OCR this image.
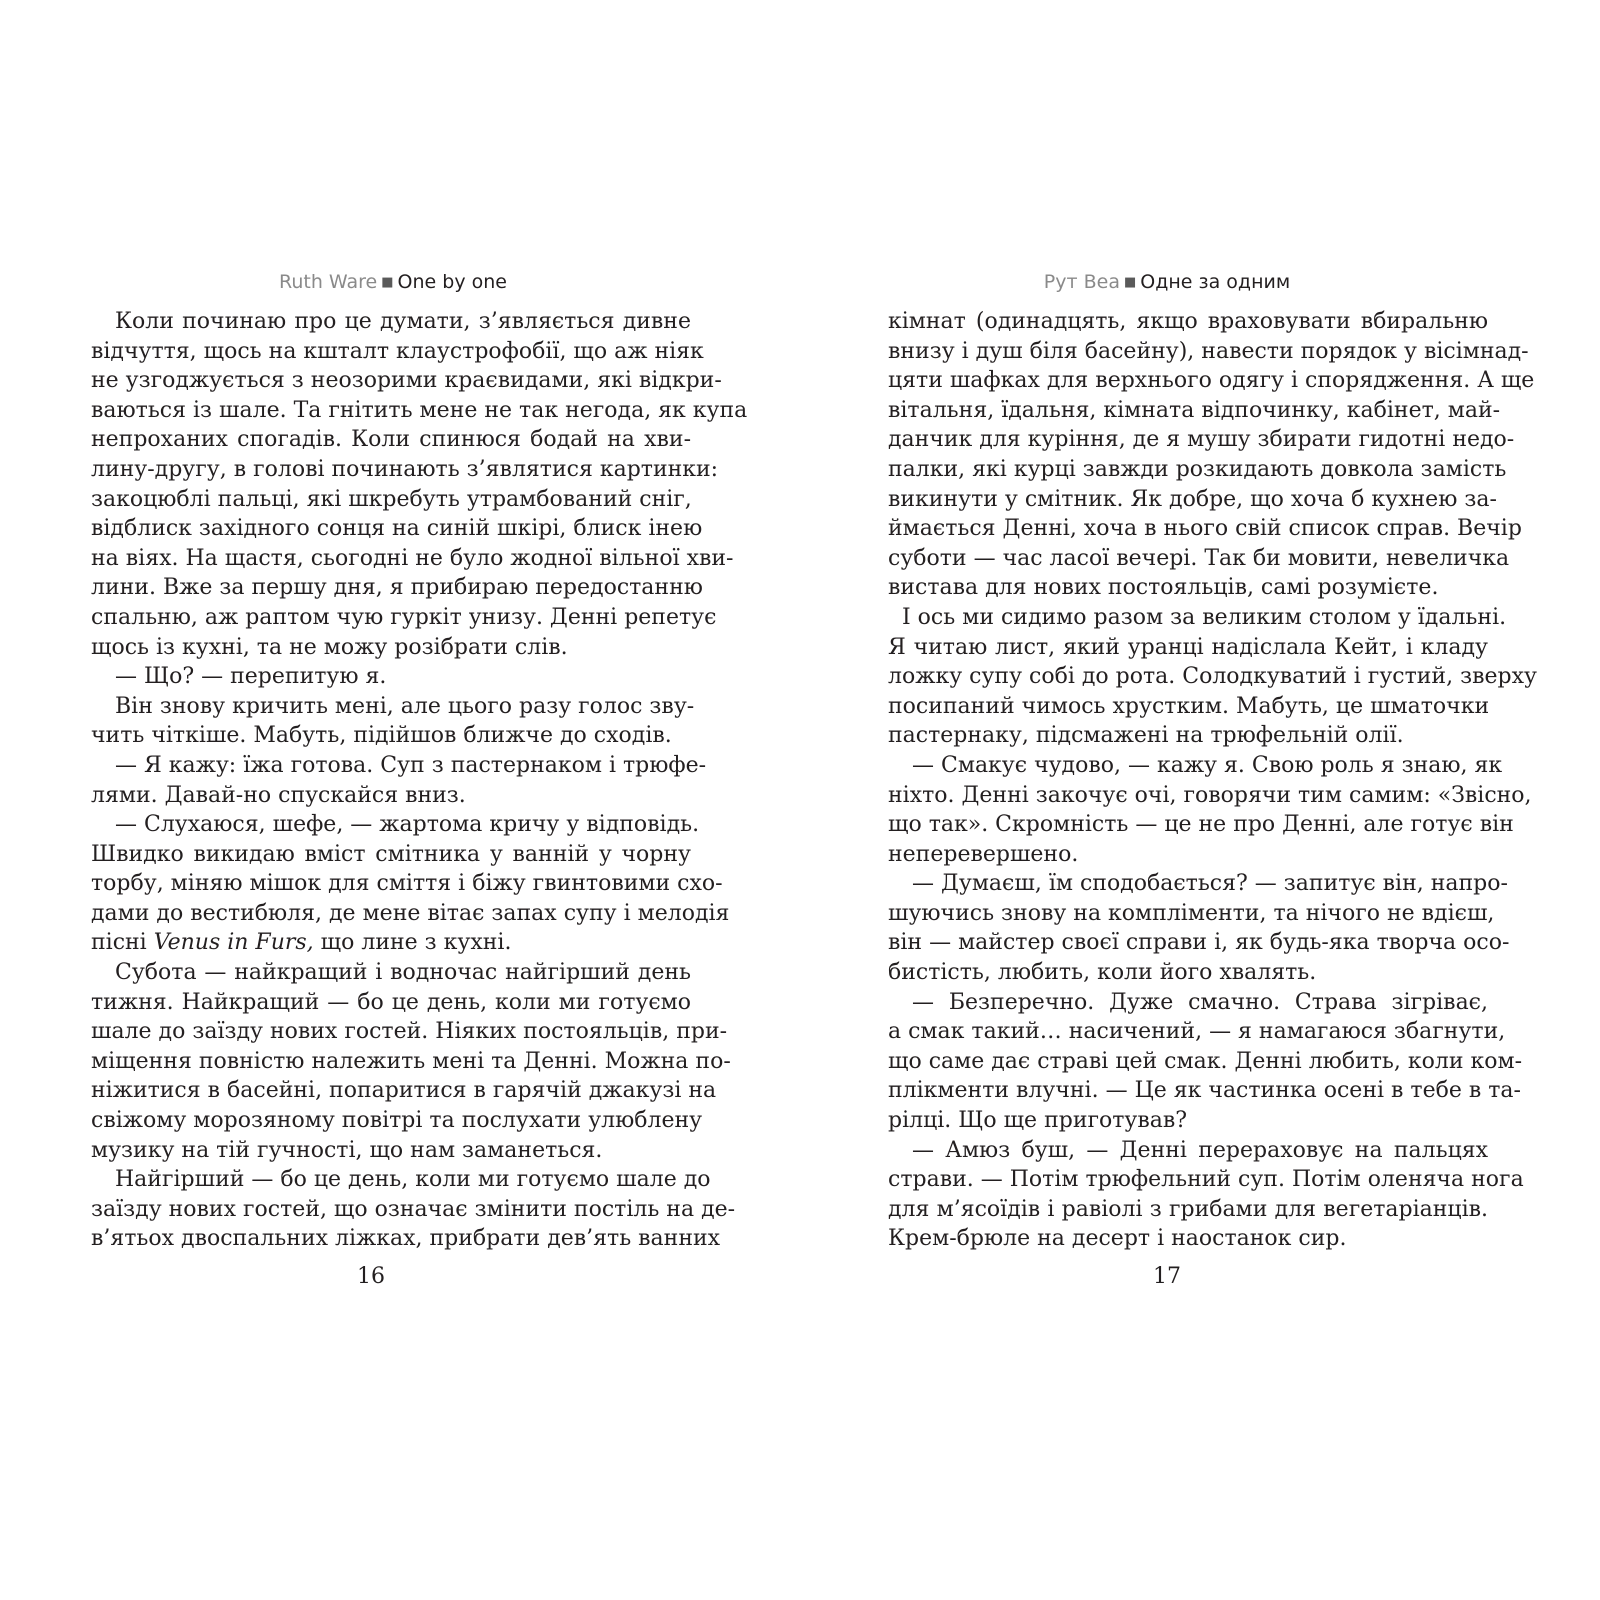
Ruth Ware ■ One by one
Коли починаю про це думати, з’являється дивне
відчуття, щось на кшталт клаустрофобії, що аж ніяк
не узгоджується з неозорими краєвидами, які відкри-
ваються із шале. Та гнітить мене не так негода, як купа
непроханих спогадів. Коли спинюся бодай на хви-
лину-другу, в голові починають з’являтися картинки:
закоцюблі пальці, які шкребуть утрамбований сніг,
відблиск західного сонця на синій шкірі, блиск інею
на віях. На щастя, сьогодні не було жодної вільної хви-
лини. Вже за першу дня, я прибираю передостанню
спальню, аж раптом чую гуркіт унизу. Денні репетує
щось із кухні, та не можу розібрати слів.
— Що? — перепитую я.
Він знову кричить мені, але цього разу голос зву-
чить чіткіше. Мабуть, підійшов ближче до сходів.
— Я кажу: їжа готова. Суп з пастернаком і трюфе-
лями. Давай-но спускайся вниз.
— Слухаюся, шефе, — жартома кричу у відповідь.
Швидко викидаю вміст смітника у ванній у чорну
торбу, міняю мішок для сміття і біжу гвинтовими схо-
дами до вестибюля, де мене вітає запах супу і мелодія
пісні Venus in Furs, що лине з кухні.
Субота — найкращий і водночас найгірший день
тижня. Найкращий — бо це день, коли ми готуємо
шале до заїзду нових гостей. Ніяких постояльців, при-
міщення повністю належить мені та Денні. Можна по-
ніжитися в басейні, попаритися в гарячій джакузі на
свіжому морозяному повітрі та послухати улюблену
музику на тій гучності, що нам заманеться.
Найгірший — бо це день, коли ми готуємо шале до
заїзду нових гостей, що означає змінити постіль на де-
в’ятьох двоспальних ліжках, прибрати дев’ять ванних
16
Рут Веа ■ Одне за одним
кімнат (одинадцять, якщо враховувати вбиральню
внизу і душ біля басейну), навести порядок у вісімнад-
цяти шафках для верхнього одягу і спорядження. А ще
вітальня, їдальня, кімната відпочинку, кабінет, май-
данчик для куріння, де я мушу збирати гидотні недо-
палки, які курці завжди розкидають довкола замість
викинути у смітник. Як добре, що хоча б кухнею за-
ймається Денні, хоча в нього свій список справ. Вечір
суботи — час ласої вечері. Так би мовити, невеличка
вистава для нових постояльців, самі розумієте.
І ось ми сидимо разом за великим столом у їдальні.
Я читаю лист, який уранці надіслала Кейт, і кладу
ложку супу собі до рота. Солодкуватий і густий, зверху
посипаний чимось хрустким. Мабуть, це шматочки
пастернаку, підсмажені на трюфельній олії.
— Смакує чудово, — кажу я. Свою роль я знаю, як
ніхто. Денні закочує очі, говорячи тим самим: «Звісно,
що так». Скромність — це не про Денні, але готує він
неперевершено.
— Думаєш, їм сподобається? — запитує він, напро-
шуючись знову на компліменти, та нічого не вдієш,
він — майстер своєї справи і, як будь-яка творча осо-
бистість, любить, коли його хвалять.
— Безперечно. Дуже смачно. Страва зігріває,
а смак такий… насичений, — я намагаюся збагнути,
що саме дає страві цей смак. Денні любить, коли ком-
плікменти влучні. — Це як частинка осені в тебе в та-
рілці. Що ще приготував?
— Амюз буш, — Денні перераховує на пальцях
страви. — Потім трюфельний суп. Потім оленяча нога
для м’ясоїдів і равіолі з грибами для вегетаріанців.
Крем-брюле на десерт і наостанок сир.
17
